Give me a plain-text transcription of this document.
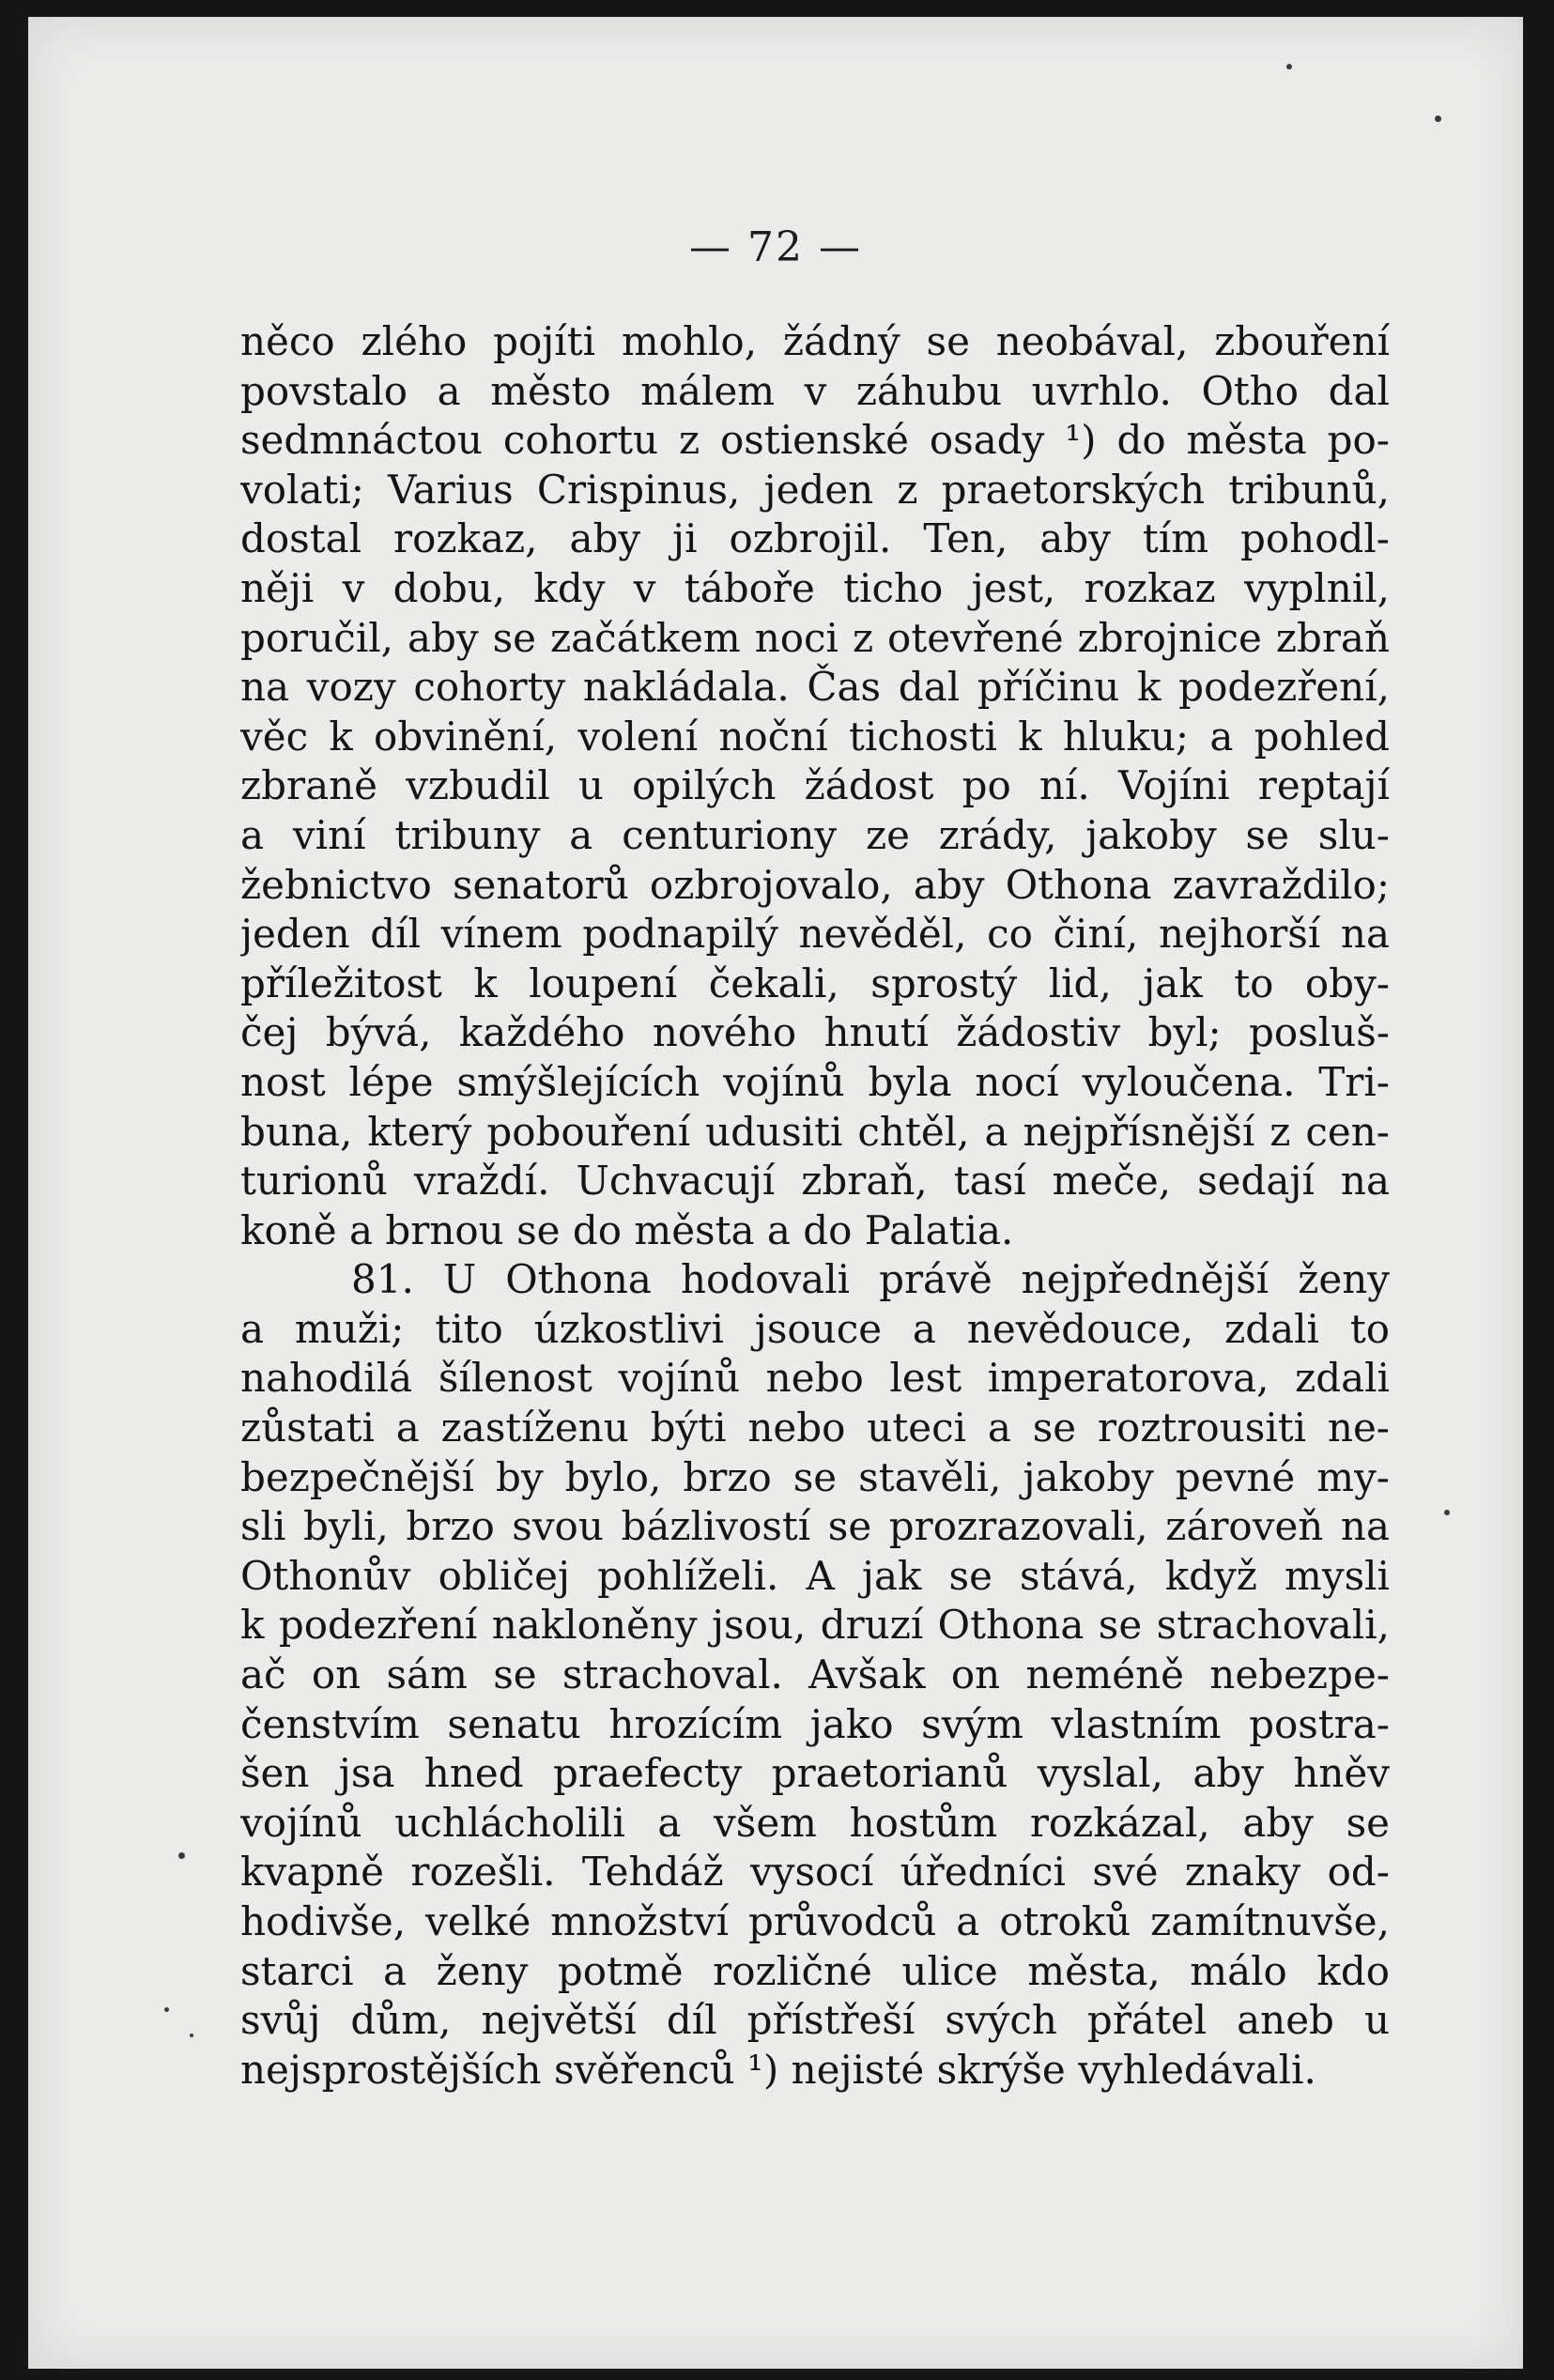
— 72 —
něco zlého pojíti mohlo, žádný se neobával, zbouření
povstalo a město málem v záhubu uvrhlo. Otho dal
sedmnáctou cohortu z ostienské osady ¹) do města po-
volati; Varius Crispinus, jeden z praetorských tribunů,
dostal rozkaz, aby ji ozbrojil. Ten, aby tím pohodl-
něji v dobu, kdy v táboře ticho jest, rozkaz vyplnil,
poručil, aby se začátkem noci z otevřené zbrojnice zbraň
na vozy cohorty nakládala. Čas dal příčinu k podezření,
věc k obvinění, volení noční tichosti k hluku; a pohled
zbraně vzbudil u opilých žádost po ní. Vojíni reptají
a viní tribuny a centuriony ze zrády, jakoby se slu-
žebnictvo senatorů ozbrojovalo, aby Othona zavraždilo;
jeden díl vínem podnapilý nevěděl, co činí, nejhorší na
příležitost k loupení čekali, sprostý lid, jak to oby-
čej bývá, každého nového hnutí žádostiv byl; posluš-
nost lépe smýšlejících vojínů byla nocí vyloučena. Tri-
buna, který pobouření udusiti chtěl, a nejpřísnější z cen-
turionů vraždí. Uchvacují zbraň, tasí meče, sedají na
koně a brnou se do města a do Palatia.
81. U Othona hodovali právě nejpřednější ženy
a muži; tito úzkostlivi jsouce a nevědouce, zdali to
nahodilá šílenost vojínů nebo lest imperatorova, zdali
zůstati a zastíženu býti nebo uteci a se roztrousiti ne-
bezpečnější by bylo, brzo se stavěli, jakoby pevné my-
sli byli, brzo svou bázlivostí se prozrazovali, zároveň na
Othonův obličej pohlíželi. A jak se stává, když mysli
k podezření nakloněny jsou, druzí Othona se strachovali,
ač on sám se strachoval. Avšak on neméně nebezpe-
čenstvím senatu hrozícím jako svým vlastním postra-
šen jsa hned praefecty praetorianů vyslal, aby hněv
vojínů uchlácholili a všem hostům rozkázal, aby se
kvapně rozešli. Tehdáž vysocí úředníci své znaky od-
hodivše, velké množství průvodců a otroků zamítnuvše,
starci a ženy potmě rozličné ulice města, málo kdo
svůj dům, největší díl přístřeší svých přátel aneb u
nejsprostějších svěřenců ¹) nejisté skrýše vyhledávali.
